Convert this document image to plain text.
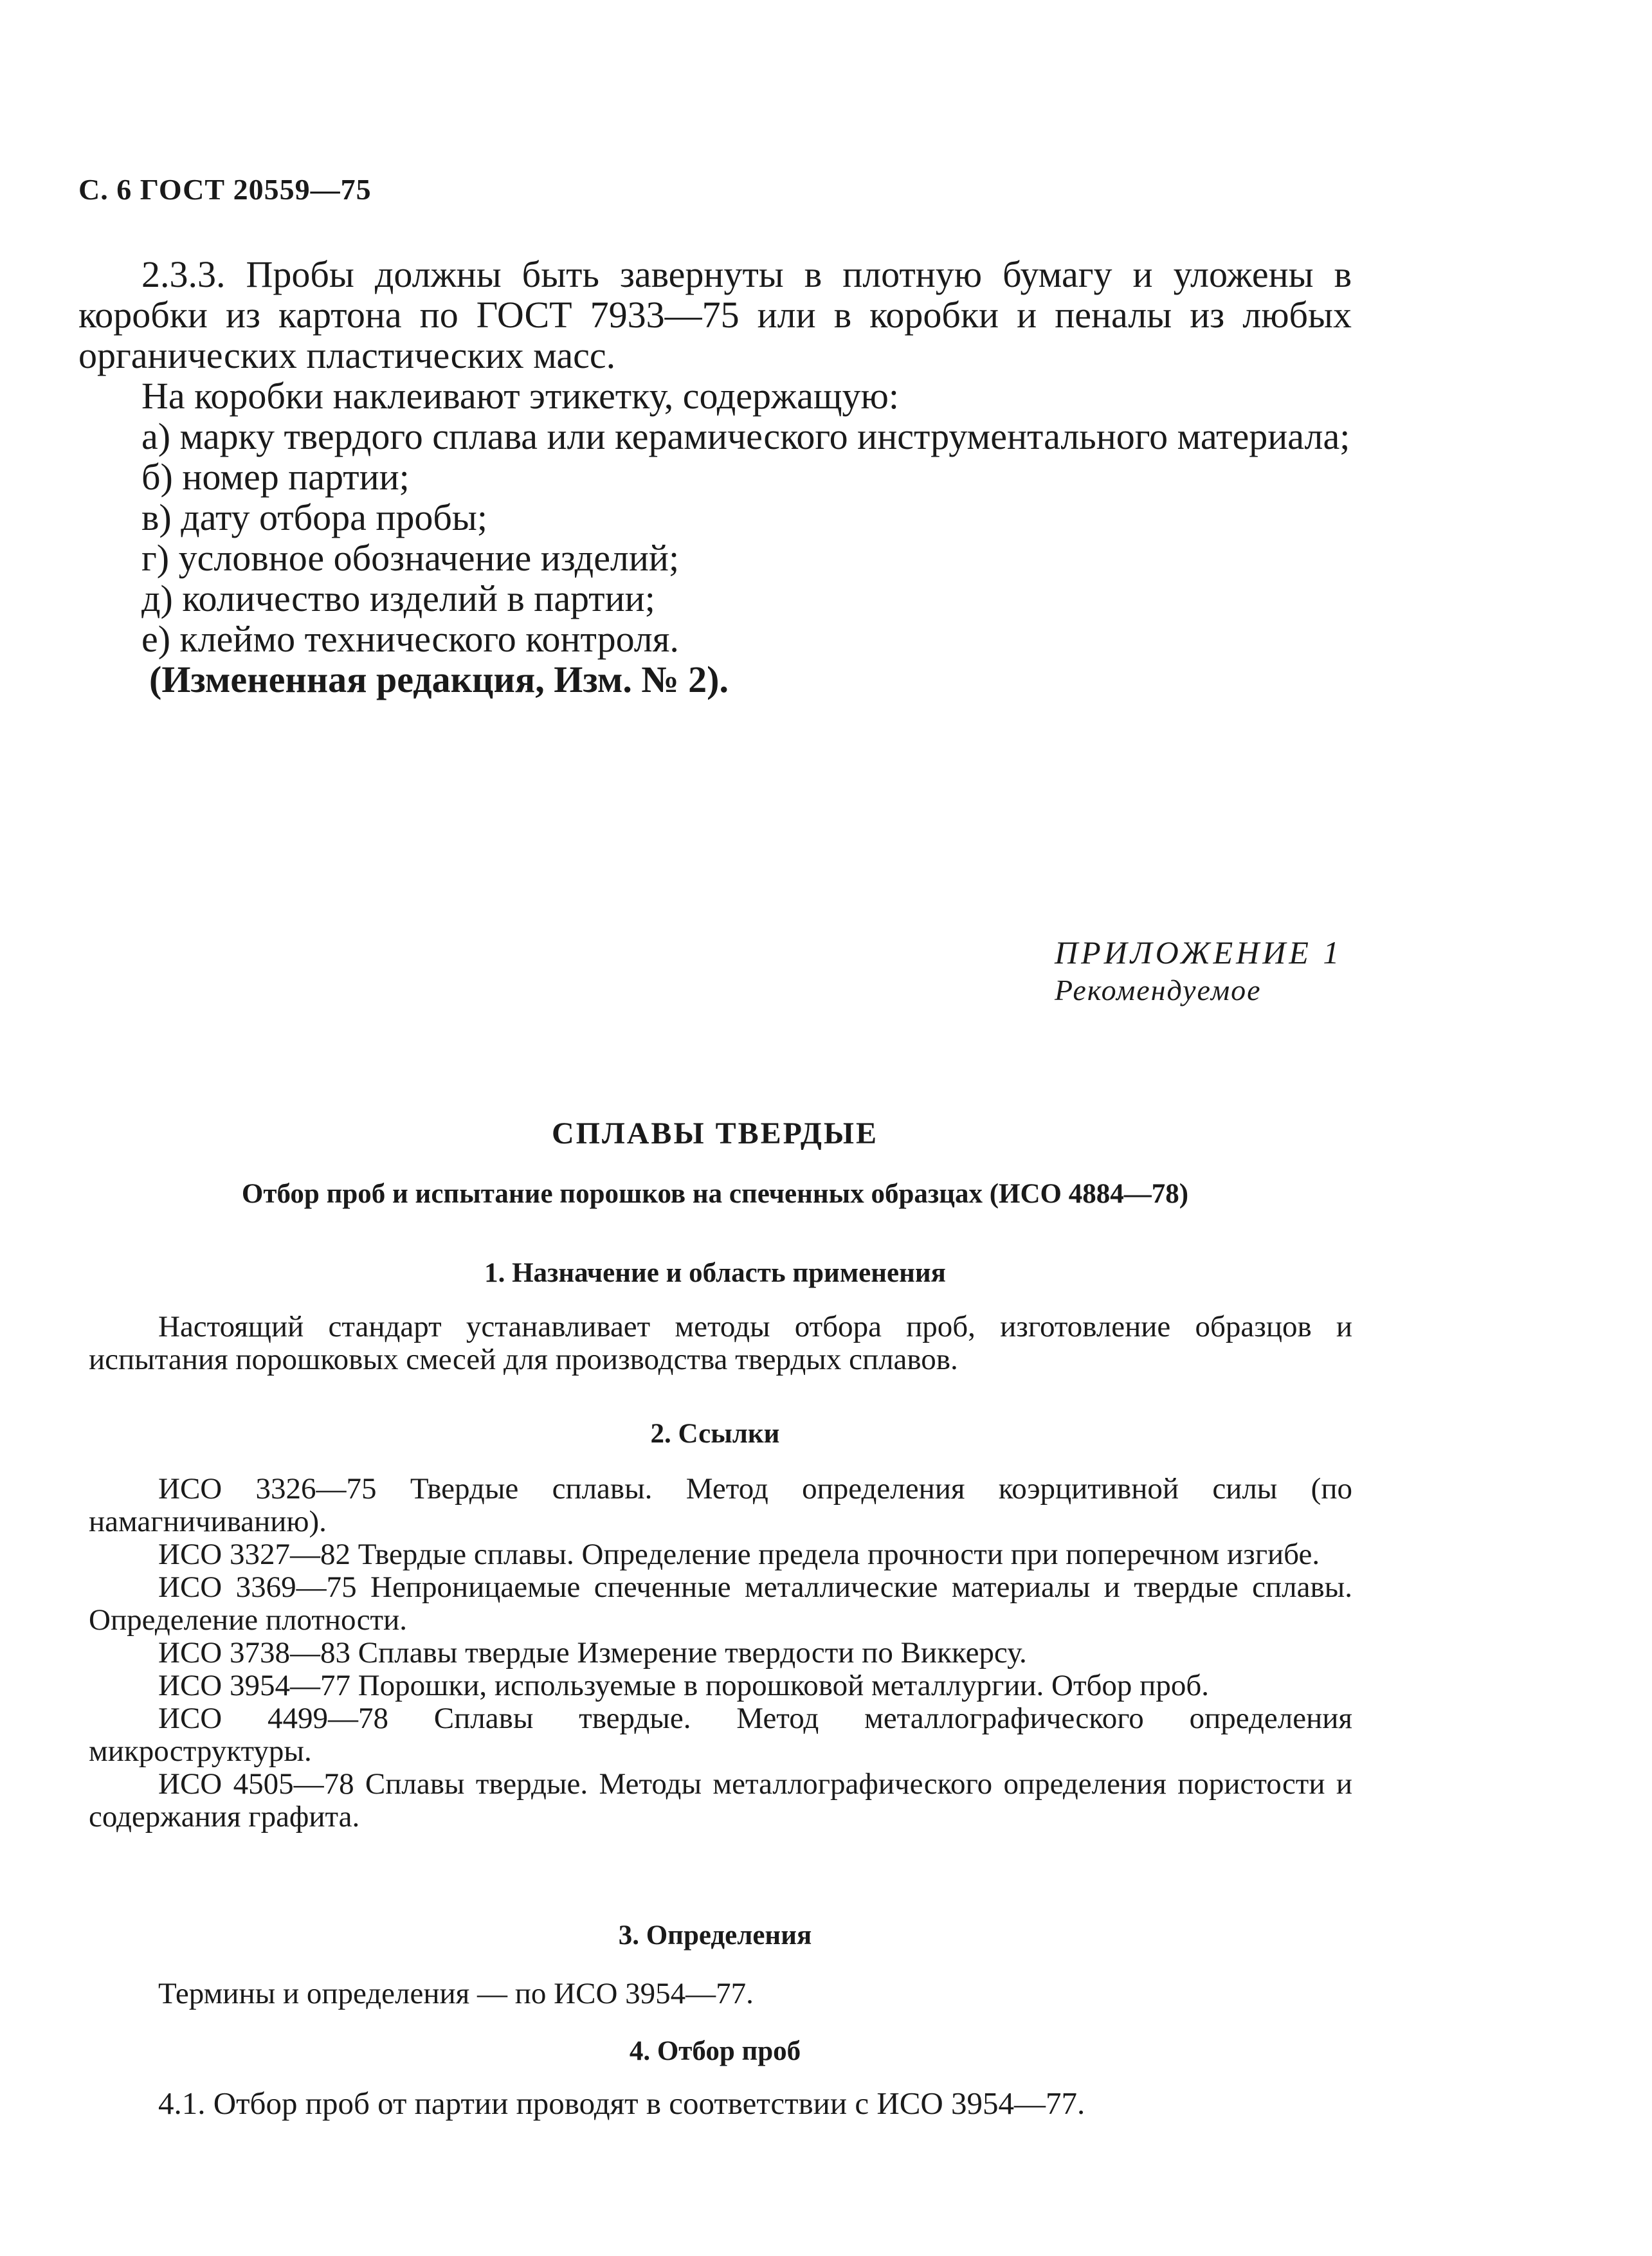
С. 6 ГОСТ 20559—75

2.3.3. Пробы должны быть завернуты в плотную бумагу и уложены в коробки из картона по ГОСТ 7933—75 или в коробки и пеналы из любых органических пластических масс.

На коробки наклеивают этикетку, содержащую:

а) марку твердого сплава или керамического инструментального материала;

б) номер партии;

в) дату отбора пробы;

г) условное обозначение изделий;

д) количество изделий в партии;

е) клеймо технического контроля.

(Измененная редакция, Изм. № 2).

ПРИЛОЖЕНИЕ 1
Рекомендуемое
СПЛАВЫ ТВЕРДЫЕ
Отбор проб и испытание порошков на спеченных образцах (ИСО 4884—78)
1. Назначение и область применения

Настоящий стандарт устанавливает методы отбора проб, изготовление образцов и испытания порошковых смесей для производства твердых сплавов.

2. Ссылки

ИСО 3326—75 Твердые сплавы. Метод определения коэрцитивной силы (по намагничиванию).

ИСО 3327—82 Твердые сплавы. Определение предела прочности при поперечном изгибе.

ИСО 3369—75 Непроницаемые спеченные металлические материалы и твердые сплавы. Определение плотности.

ИСО 3738—83 Сплавы твердые Измерение твердости по Виккерсу.

ИСО 3954—77 Порошки, используемые в порошковой металлургии. Отбор проб.

ИСО 4499—78 Сплавы твердые. Метод металлографического определения микроструктуры.

ИСО 4505—78 Сплавы твердые. Методы металлографического определения пористости и содержания графита.

3. Определения

Термины и определения — по ИСО 3954—77.

4. Отбор проб

4.1. Отбор проб от партии проводят в соответствии с ИСО 3954—77.
